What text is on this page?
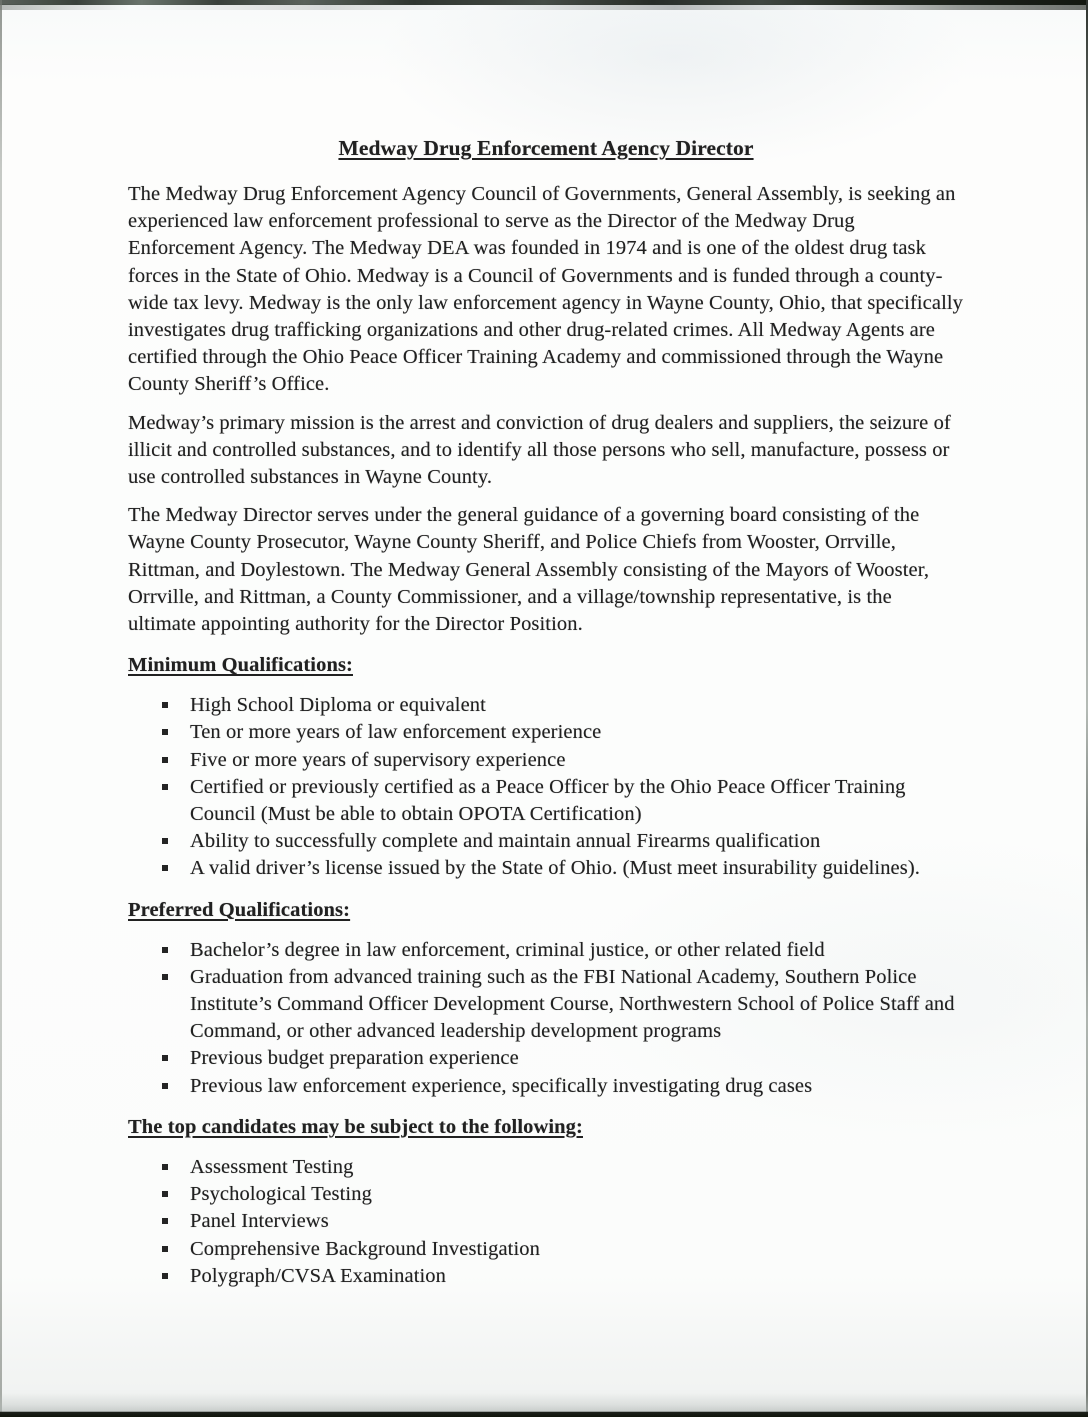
Medway Drug Enforcement Agency Director

The Medway Drug Enforcement Agency Council of Governments, General Assembly, is seeking an experienced law enforcement professional to serve as the Director of the Medway Drug Enforcement Agency. The Medway DEA was founded in 1974 and is one of the oldest drug task forces in the State of Ohio. Medway is a Council of Governments and is funded through a county-wide tax levy. Medway is the only law enforcement agency in Wayne County, Ohio, that specifically investigates drug trafficking organizations and other drug-related crimes. All Medway Agents are certified through the Ohio Peace Officer Training Academy and commissioned through the Wayne County Sheriff’s Office.

Medway’s primary mission is the arrest and conviction of drug dealers and suppliers, the seizure of illicit and controlled substances, and to identify all those persons who sell, manufacture, possess or use controlled substances in Wayne County.

The Medway Director serves under the general guidance of a governing board consisting of the Wayne County Prosecutor, Wayne County Sheriff, and Police Chiefs from Wooster, Orrville, Rittman, and Doylestown. The Medway General Assembly consisting of the Mayors of Wooster, Orrville, and Rittman, a County Commissioner, and a village/township representative, is the ultimate appointing authority for the Director Position.

Minimum Qualifications:
High School Diploma or equivalent
Ten or more years of law enforcement experience
Five or more years of supervisory experience
Certified or previously certified as a Peace Officer by the Ohio Peace Officer Training Council (Must be able to obtain OPOTA Certification)
Ability to successfully complete and maintain annual Firearms qualification
A valid driver’s license issued by the State of Ohio. (Must meet insurability guidelines).
Preferred Qualifications:
Bachelor’s degree in law enforcement, criminal justice, or other related field
Graduation from advanced training such as the FBI National Academy, Southern Police Institute’s Command Officer Development Course, Northwestern School of Police Staff and Command, or other advanced leadership development programs
Previous budget preparation experience
Previous law enforcement experience, specifically investigating drug cases
The top candidates may be subject to the following:
Assessment Testing
Psychological Testing
Panel Interviews
Comprehensive Background Investigation
Polygraph/CVSA Examination
